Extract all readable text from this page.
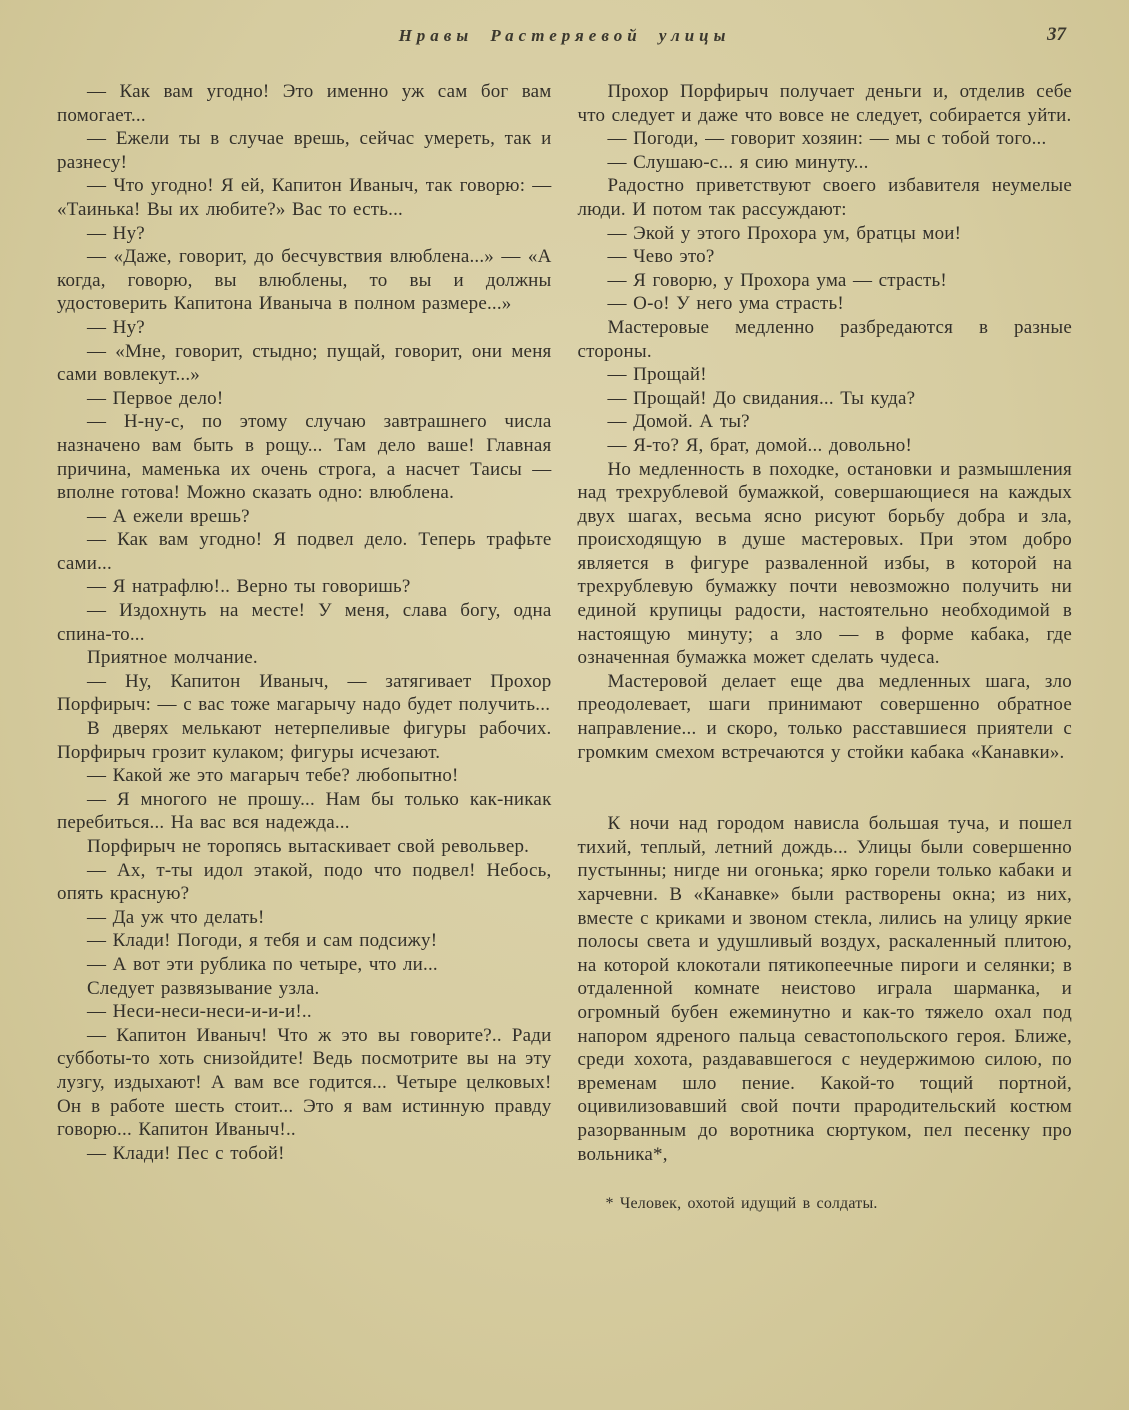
Нравы Растеряевой улицы	37

— Как вам угодно! Это именно уж сам бог вам помогает...

— Ежели ты в случае врешь, сейчас умереть, так и разнесу!

— Что угодно! Я ей, Капитон Иваныч, так говорю: — «Таинька! Вы их любите?» Вас то есть...

— Ну?

— «Даже, говорит, до бесчувствия влюблена...» — «А когда, говорю, вы влюблены, то вы и должны удостоверить Капитона Иваныча в полном размере...»

— Ну?

— «Мне, говорит, стыдно; пущай, говорит, они меня сами вовлекут...»

— Первое дело!

— Н-ну-с, по этому случаю завтрашнего числа назначено вам быть в рощу... Там дело ваше! Главная причина, маменька их очень строга, а насчет Таисы — вполне готова! Можно сказать одно: влюблена.

— А ежели врешь?

— Как вам угодно! Я подвел дело. Теперь трафьте сами...

— Я натрафлю!.. Верно ты говоришь?

— Издохнуть на месте! У меня, слава богу, одна спина-то...

Приятное молчание.

— Ну, Капитон Иваныч, — затягивает Прохор Порфирыч: — с вас тоже магарычу надо будет получить...

В дверях мелькают нетерпеливые фигуры рабочих. Порфирыч грозит кулаком; фигуры исчезают.

— Какой же это магарыч тебе? любопытно!

— Я многого не прошу... Нам бы только как-никак перебиться... На вас вся надежда...

Порфирыч не торопясь вытаскивает свой револьвер.

— Ах, т-ты идол этакой, подо что подвел! Небось, опять красную?

— Да уж что делать!

— Клади! Погоди, я тебя и сам подсижу!

— А вот эти рублика по четыре, что ли...

Следует развязывание узла.

— Неси-неси-неси-и-и-и!..

— Капитон Иваныч! Что ж это вы говорите?.. Ради субботы-то хоть снизойдите! Ведь посмотрите вы на эту лузгу, издыхают! А вам все годится... Четыре целковых! Он в работе шесть стоит... Это я вам истинную правду говорю... Капитон Иваныч!..

— Клади! Пес с тобой!

Прохор Порфирыч получает деньги и, отделив себе что следует и даже что вовсе не следует, собирается уйти.

— Погоди, — говорит хозяин: — мы с тобой того...

— Слушаю-с... я сию минуту...

Радостно приветствуют своего избавителя неумелые люди. И потом так рассуждают:

— Экой у этого Прохора ум, братцы мои!

— Чево это?

— Я говорю, у Прохора ума — страсть!

— О-о! У него ума страсть!

Мастеровые медленно разбредаются в разные стороны.

— Прощай!

— Прощай! До свидания... Ты куда?

— Домой. А ты?

— Я-то? Я, брат, домой... довольно!

Но медленность в походке, остановки и размышления над трехрублевой бумажкой, совершающиеся на каждых двух шагах, весьма ясно рисуют борьбу добра и зла, происходящую в душе мастеровых. При этом добро является в фигуре разваленной избы, в которой на трехрублевую бумажку почти невозможно получить ни единой крупицы радости, настоятельно необходимой в настоящую минуту; а зло — в форме кабака, где означенная бумажка может сделать чудеса.

Мастеровой делает еще два медленных шага, зло преодолевает, шаги принимают совершенно обратное направление... и скоро, только расставшиеся приятели с громким смехом встречаются у стойки кабака «Канавки».

К ночи над городом нависла большая туча, и пошел тихий, теплый, летний дождь... Улицы были совершенно пустынны; нигде ни огонька; ярко горели только кабаки и харчевни. В «Канавке» были растворены окна; из них, вместе с криками и звоном стекла, лились на улицу яркие полосы света и удушливый воздух, раскаленный плитою, на которой клокотали пятикопеечные пироги и селянки; в отдаленной комнате неистово играла шарманка, и огромный бубен ежеминутно и как-то тяжело охал под напором ядреного пальца севастопольского героя. Ближе, среди хохота, раздававшегося с неудержимою силою, по временам шло пение. Какой-то тощий портной, оцивилизовавший свой почти прародительский костюм разорванным до воротника сюртуком, пел песенку про вольника*,

* Человек, охотой идущий в солдаты.
